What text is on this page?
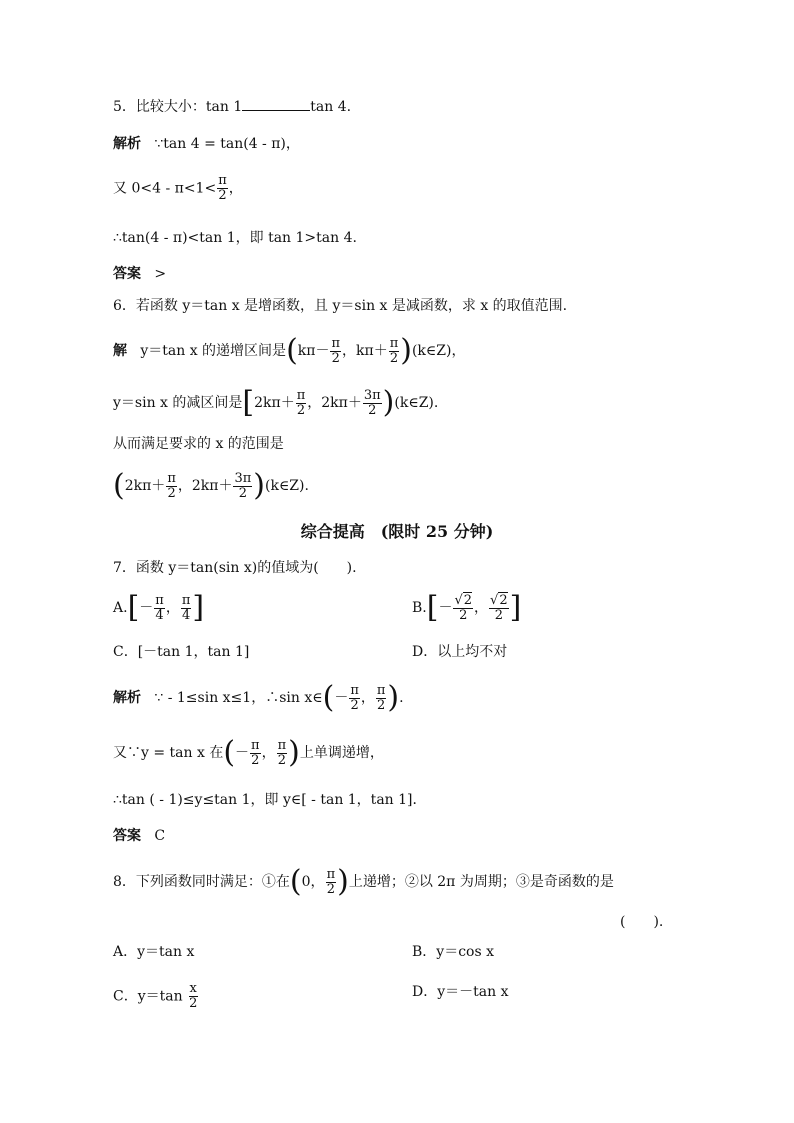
5．比较大小：tan 1	tan 4.
解析 ∵tan 4 = tan(4 - π)，
又 $0<4 - \pi<1< \frac{\pi}{2}$ ，
∴tan(4 - π)<tan 1，即 tan 1>tan 4.
答案 >
6．若函数 y＝tan x 是增函数，且 y＝sin x 是减函数，求 x 的取值范围.
解 y＝tan x 的递增区间是($k\pi- \frac{\pi}{2}$ ，$k\pi+ \frac{\pi}{2}$ )(k∈Z)，
y＝sin x 的减区间是[$2k\pi+ \frac{\pi}{2}$ ，$2k\pi+ \frac{3\pi}{2}$ )(k∈Z).
从而满足要求的 x 的范围是
($2k\pi+ \frac{\pi}{2}$ ，$2k\pi+ \frac{3\pi}{2}$ )(k∈Z).
综合提高　(限时 25 分钟)
7．函数 y＝tan(sin x)的值域为(　　).
$A.[- \frac{\pi}{4}$ ， $\frac{\pi}{4}$ ]	$B.[- \frac{√2}{2}$ ， $\frac{√2}{2}$ ]
C．[－tan 1，tan 1]	D．以上均不对
解析 ∵ - 1≤sin x≤1，∴sin x∈(－ $\frac{\pi}{2}$ ， $\frac{\pi}{2}$ ).
又∵y = tan x 在(－ $\frac{\pi}{2}$ ， $\frac{\pi}{2}$ )上单调递增，
∴tan ( - 1)≤y≤tan 1，即 y∈[ - tan 1，tan 1]．
答案 C
8．下列函数同时满足：①在(0， $\frac{\pi}{2}$ )上递增；②以 2π 为周期；③是奇函数的是
(　　).
A．y＝tan x	B．y＝cos x
C．$y=\tan \frac{x}{2}$	D．y＝－tan x
